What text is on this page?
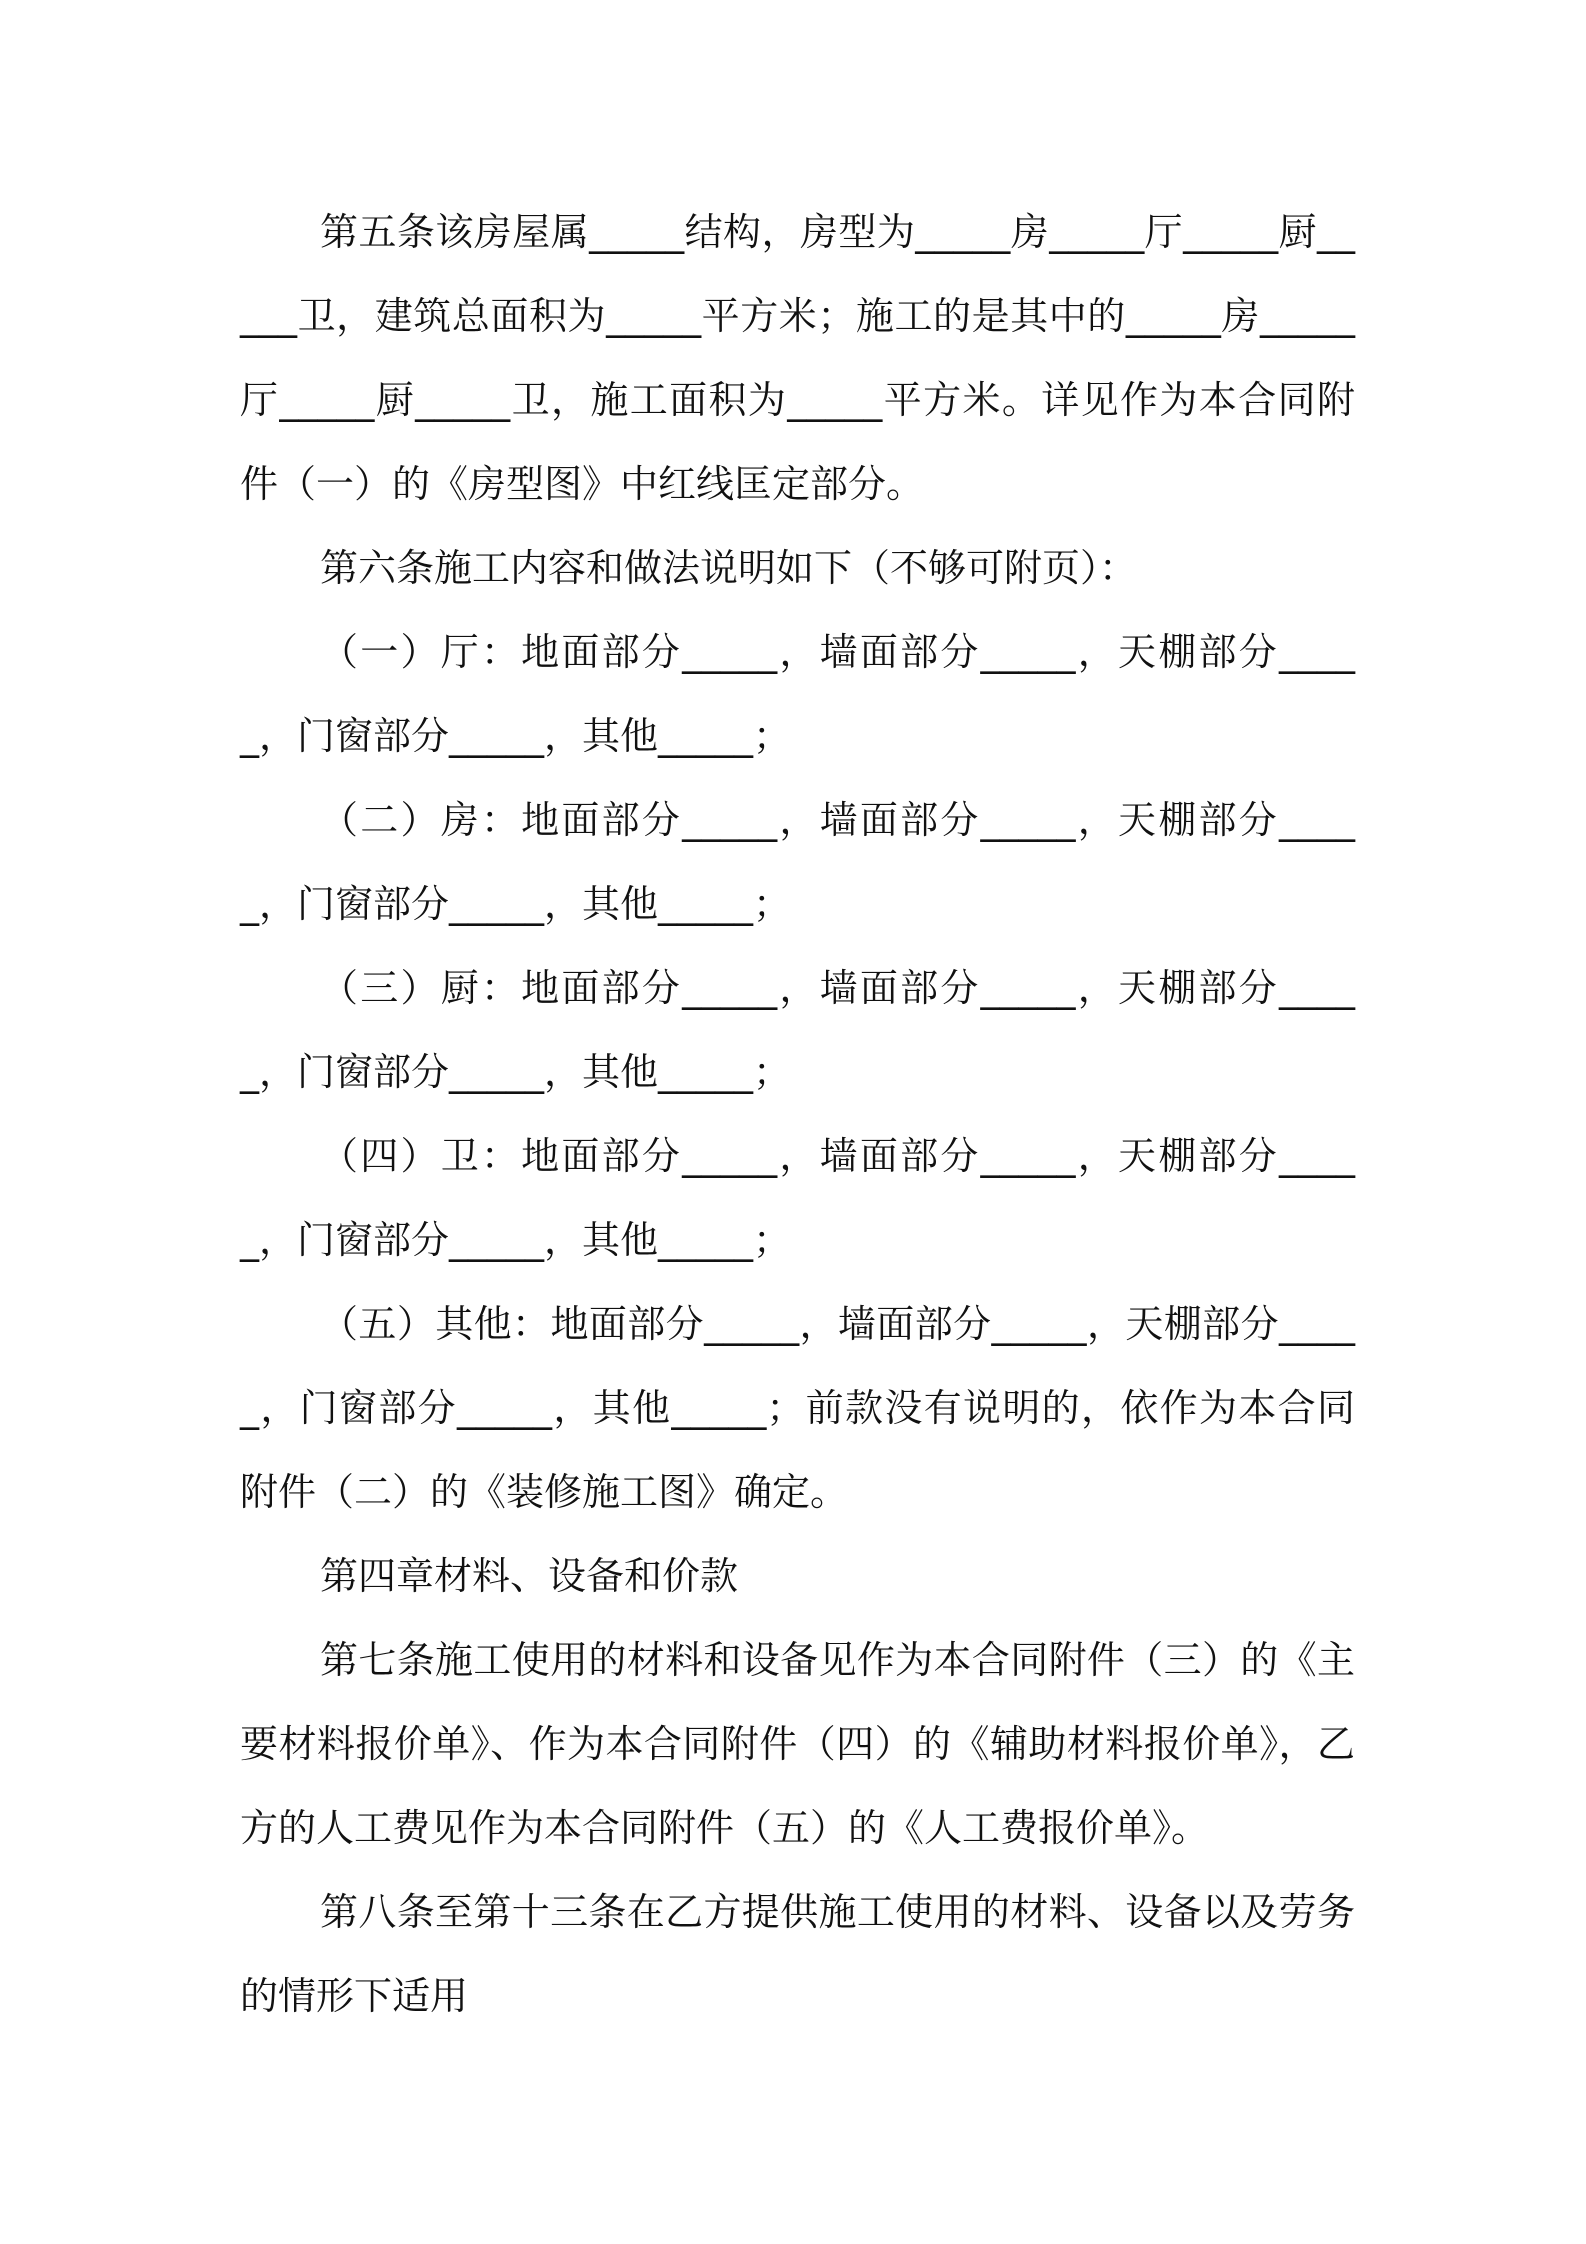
第五条该房屋属_____结构，房型为_____房_____厅_____厨_____卫，建筑总面积为_____平方米；施工的是其中的_____房_____厅_____厨_____卫，施工面积为_____平方米。详见作为本合同附件（一）的《房型图》中红线匡定部分。

第六条施工内容和做法说明如下（不够可附页）：

（一）厅：地面部分_____，墙面部分_____，天棚部分_____，门窗部分_____，其他_____；

（二）房：地面部分_____，墙面部分_____，天棚部分_____，门窗部分_____，其他_____；

（三）厨：地面部分_____，墙面部分_____，天棚部分_____，门窗部分_____，其他_____；

（四）卫：地面部分_____，墙面部分_____，天棚部分_____，门窗部分_____，其他_____；

（五）其他：地面部分_____，墙面部分_____，天棚部分_____，门窗部分_____，其他_____；前款没有说明的，依作为本合同附件（二）的《装修施工图》确定。

第四章材料、设备和价款

第七条施工使用的材料和设备见作为本合同附件（三）的《主要材料报价单》、作为本合同附件（四）的《辅助材料报价单》，乙方的人工费见作为本合同附件（五）的《人工费报价单》。

第八条至第十三条在乙方提供施工使用的材料、设备以及劳务的情形下适用
